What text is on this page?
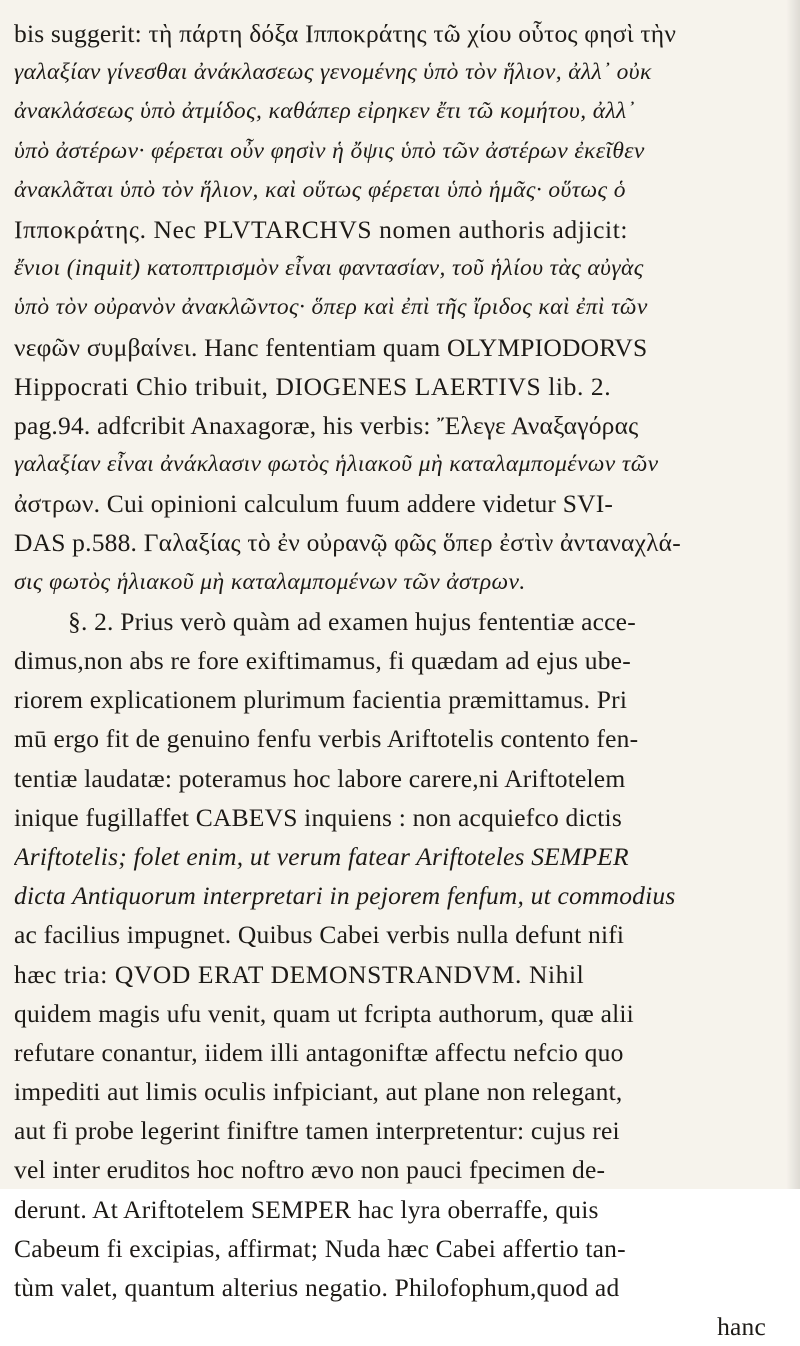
bis suggerit: τὴ πάρτη δόξα Ιπποκράτης τῶ χίου οὗτος φησὶ τὴν
γαλαξίαν γίνεσθαι ἀνάκλασεως γενομένης ὑπὸ τὸν ἥλιον, ἀλλ᾽ οὐκ
ἀνακλάσεως ὑπὸ ἀτμίδος, καθάπερ εἰρηκεν ἔτι τῶ κομήτου, ἀλλ᾽
ὑπὸ ἀστέρων· φέρεται οὖν φησὶν ἡ ὄψις ὑπὸ τῶν ἀστέρων ἐκεῖθεν
ἀνακλᾶται ὑπὸ τὸν ἥλιον, καὶ οὕτως φέρεται ὑπὸ ἡμᾶς· οὕτως ὁ
Ιπποκράτης. Nec PLVTARCHVS nomen authoris adjicit:
ἔνιοι (inquit) κατοπτρισμὸν εἶναι φαντασίαν, τοῦ ἡλίου τὰς αὐγὰς
ὑπὸ τὸν οὐρανὸν ἀνακλῶντος· ὅπερ καὶ ἐπὶ τῆς ἴριδος καὶ ἐπὶ τῶν
νεφῶν συμβαίνει. Hanc fententiam quam OLYMPIODORVS
Hippocrati Chio tribuit, DIOGENES LAERTIVS lib. 2.
pag.94. adfcribit Anaxagoræ, his verbis: Ἔλεγε Αναξαγόρας
γαλαξίαν εἶναι ἀνάκλασιν φωτὸς ἡλιακοῦ μὴ καταλαμπομένων τῶν
ἀστρων. Cui opinioni calculum fuum addere videtur SVI-
DAS p.588. Γαλαξίας τὸ ἐν οὐρανῷ φῶς ὅπερ ἐστὶν ἀνταναχλά-
σις φωτὸς ἡλιακοῦ μὴ καταλαμπομένων τῶν ἀστρων.
§. 2. Prius verò quàm ad examen hujus fententiæ acce-
dimus,non abs re fore exiftimamus, fi quædam ad ejus ube-
riorem explicationem plurimum facientia præmittamus. Pri
mū ergo fit de genuino fenfu verbis Ariftotelis contento fen-
tentiæ laudatæ: poteramus hoc labore carere,ni Ariftotelem
inique fugillaffet CABEVS inquiens : non acquiefco dictis
Ariftotelis; folet enim, ut verum fatear Ariftoteles SEMPER
dicta Antiquorum interpretari in pejorem fenfum, ut commodius
ac facilius impugnet. Quibus Cabei verbis nulla defunt nifi
hæc tria: QVOD ERAT DEMONSTRANDVM. Nihil
quidem magis ufu venit, quam ut fcripta authorum, quæ alii
refutare conantur, iidem illi antagoniftæ affectu nefcio quo
impediti aut limis oculis infpiciant, aut plane non relegant,
aut fi probe legerint finiftre tamen interpretentur: cujus rei
vel inter eruditos hoc noftro ævo non pauci fpecimen de-
derunt. At Ariftotelem SEMPER hac lyra oberraffe, quis
Cabeum fi excipias, affirmat; Nuda hæc Cabei affertio tan-
tùm valet, quantum alterius negatio. Philofophum,quod ad
hanc
